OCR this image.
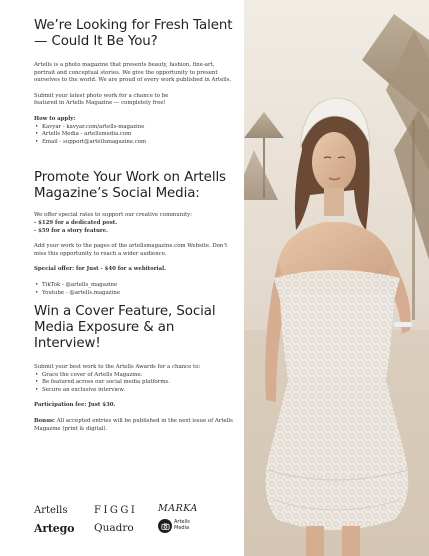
We’re Looking for Fresh Talent — Could It Be You?

Artells is a photo magazine that presents beauty, fashion, fine-art, portrait and conceptual stories. We give the opportunity to present ourselves to the world. We are proud of every work published in Artells.

Submit your latest photo work for a chance to be featured in Artells Magazine — completely free!

How to apply:

• Kavyar - kavyar.com/artells-magazine
• Artells Media - artellsmedia.com
• Email - support@artellsmagazine.com
Promote Your Work on Artells Magazine’s Social Media:

We offer special rates to support our creative community:

- $129 for a dedicated post.

- $59 for a story feature.

Add your work to the pages of the artellsmagazine.com Website. Don’t miss this opportunity to reach a wider audience.

Special offer: for Just - $40 for a webitorial.

• TikTok - @artells_magazine
• Youtube - @artells.magazine
Win a Cover Feature, Social Media Exposure & an Interview!

Submit your best work to the Artells Awards for a chance to:

• Grace the cover of Artells Magazine.
• Be featured across our social media platforms.
• Secure an exclusive interview.

Participation fee: Just $30.

Bonus: All accepted entries will be published in the next issue of Artells Magazine (print & digital).

Artells	FIGGI MARKA
Artego Quadro	Artells
Media
